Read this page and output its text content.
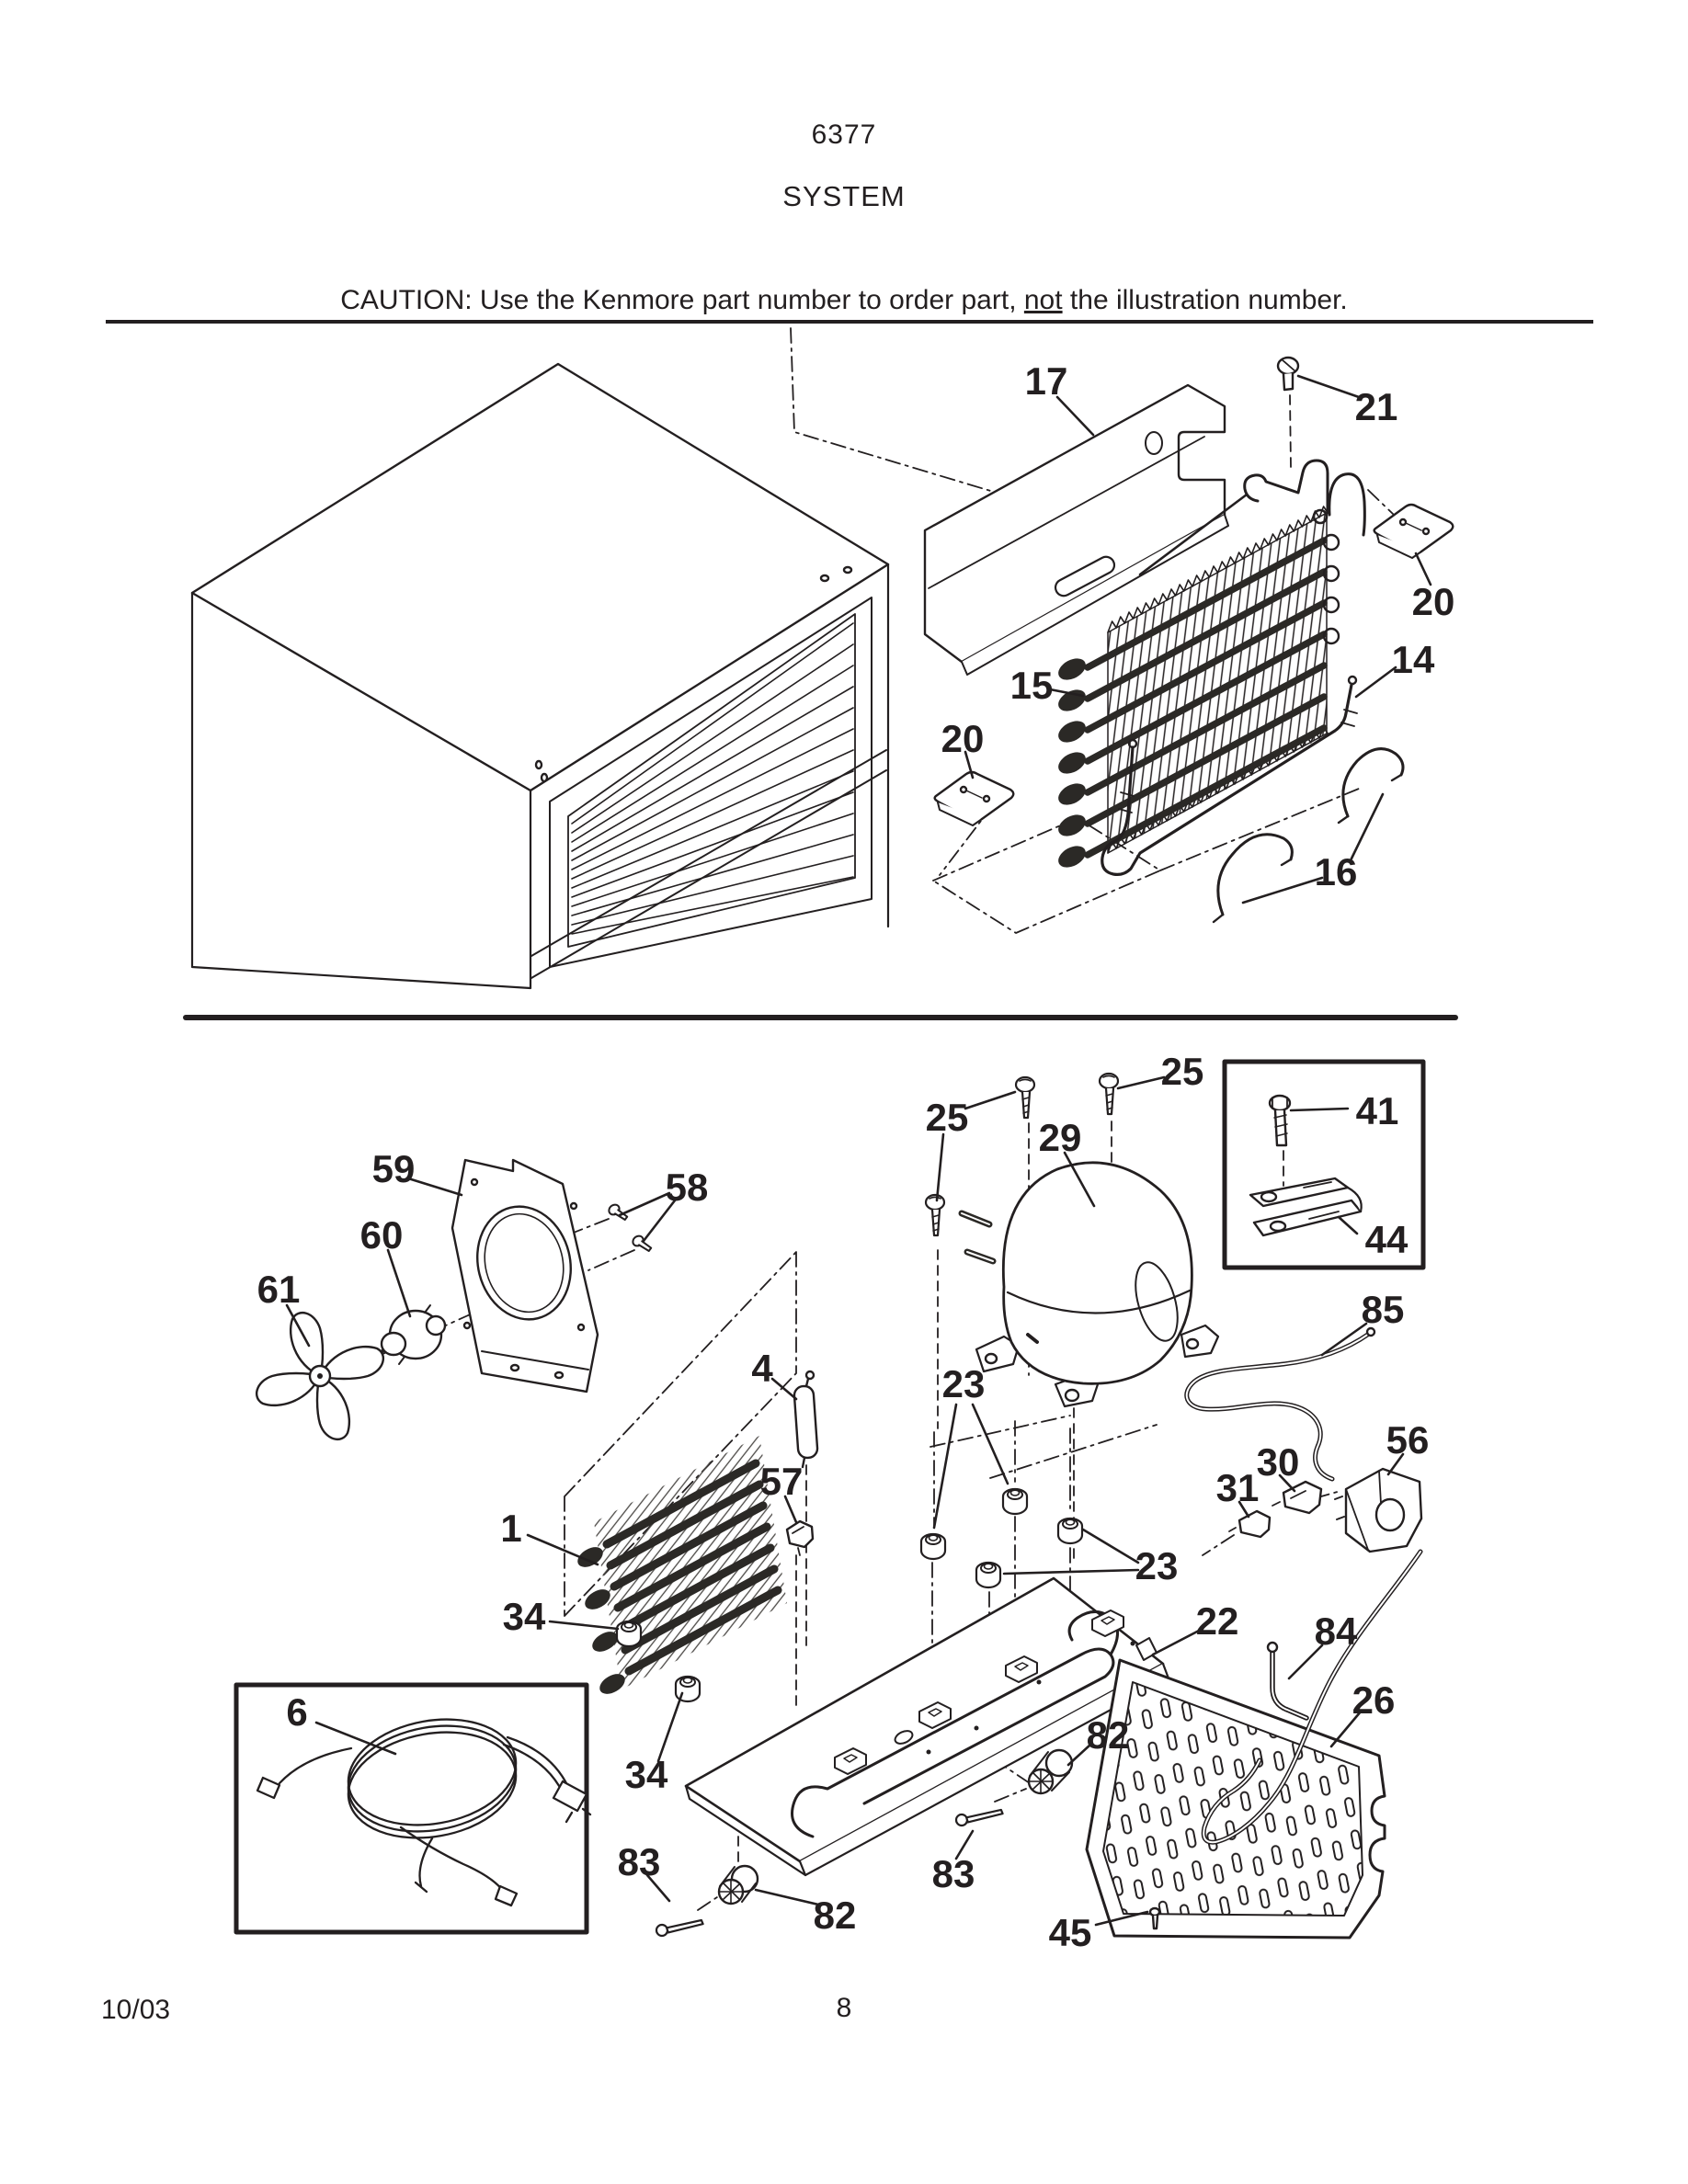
6377
SYSTEM
CAUTION: Use the Kenmore part number to order part, not the illustration number.
17
21
20
15
14
20
16
25
25
29
41
44
85
59	58
60
61
4	23
56
30
31
57
1
23
34	22 84
26
6
34
82
83	83
82	45
10/03	8
